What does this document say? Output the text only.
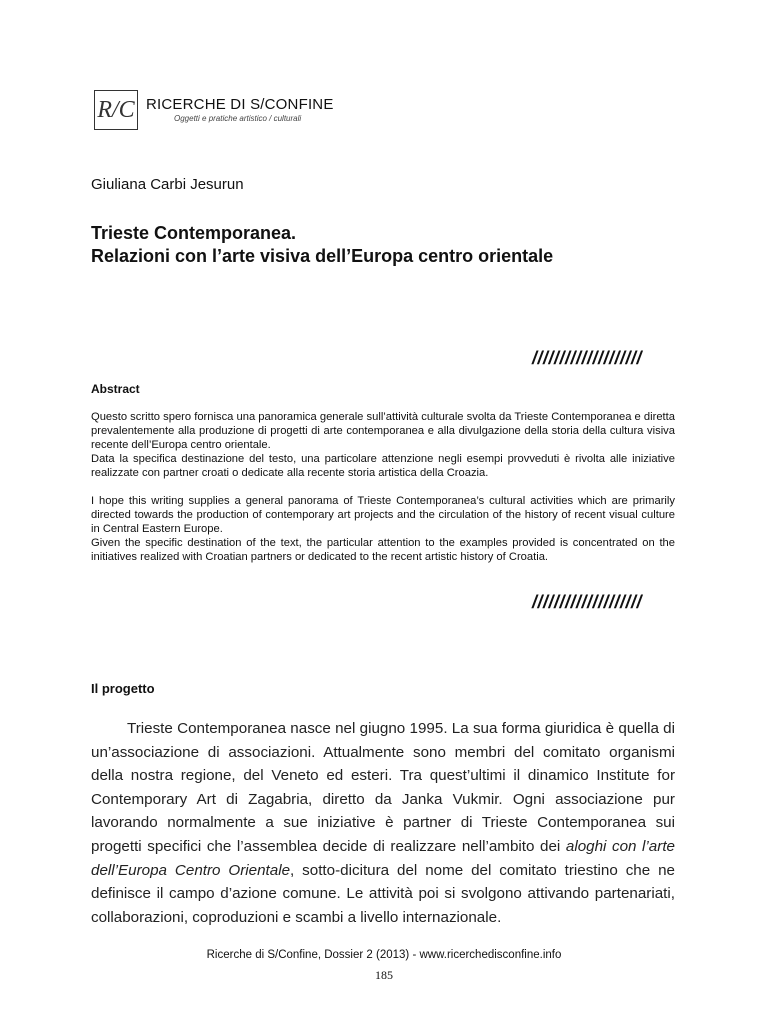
R/C RICERCHE DI S/CONFINE
Oggetti e pratiche artistico / culturali
Giuliana Carbi Jesurun
Trieste Contemporanea.
Relazioni con l’arte visiva dell’Europa centro orientale
////////////////////
Abstract
Questo scritto spero fornisca una panoramica generale sull’attività culturale svolta da Trieste Contemporanea e diretta prevalentemente alla produzione di progetti di arte contemporanea e alla divulgazione della storia della cultura visiva recente dell’Europa centro orientale.
Data la specifica destinazione del testo, una particolare attenzione negli esempi provveduti è rivolta alle iniziative realizzate con partner croati o dedicate alla recente storia artistica della Croazia.
I hope this writing supplies a general panorama of Trieste Contemporanea’s cultural activities which are primarily directed towards the production of contemporary art projects and the circulation of the history of recent visual culture in Central Eastern Europe.
Given the specific destination of the text, the particular attention to the examples provided is concentrated on the initiatives realized with Croatian partners or dedicated to the recent artistic history of Croatia.
////////////////////
Il progetto
Trieste Contemporanea nasce nel giugno 1995. La sua forma giuridica è quella di un’associazione di associazioni. Attualmente sono membri del comitato organismi della nostra regione, del Veneto ed esteri. Tra quest’ultimi il dinamico Institute for Contemporary Art di Zagabria, diretto da Janka Vukmir. Ogni associazione pur lavorando normalmente a sue iniziative è partner di Trieste Contemporanea sui progetti specifici che l’assemblea decide di realizzare nell’ambito dei aloghi con l’arte dell’Europa Centro Orientale, sotto-dicitura del nome del comitato triestino che ne definisce il campo d’azione comune. Le attività poi si svolgono attivando partenariati, collaborazioni, coproduzioni e scambi a livello internazionale.
Ricerche di S/Confine, Dossier 2 (2013) - www.ricerchedisconfine.info
185
